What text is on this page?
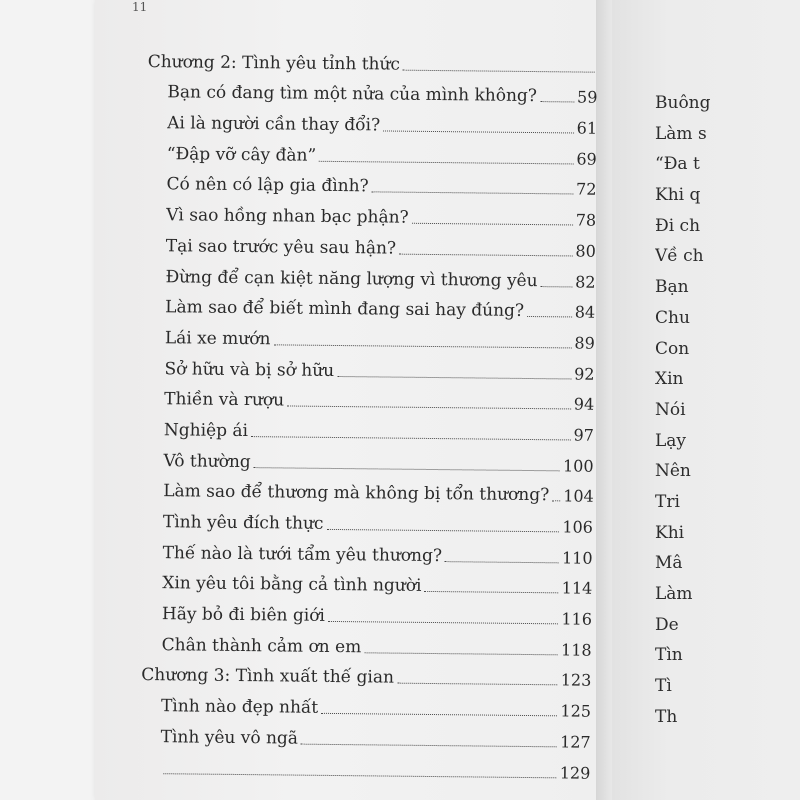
11
Chương 2: Tình yêu tỉnh thức
Bạn có đang tìm một nửa của mình không? 59
Ai là người cần thay đổi?	61
“Đập vỡ cây đàn”	69
Có nên có lập gia đình?	72
Vì sao hồng nhan bạc phận?	78
Tại sao trước yêu sau hận?	80
Đừng để cạn kiệt năng lượng vì thương yêu 82
Làm sao để biết mình đang sai hay đúng?	84
Lái xe mướn	89
Sở hữu và bị sở hữu	92
Thiền và rượu	94
Nghiệp ái	97
Vô thường	100
Làm sao để thương mà không bị tổn thương? 104
Tình yêu đích thực	106
Thế nào là tưới tẩm yêu thương?	110
Xin yêu tôi bằng cả tình người	114
Hãy bỏ đi biên giới	116
Chân thành cảm ơn em	118
Chương 3: Tình xuất thế gian	123
Tình nào đẹp nhất	125
Tình yêu vô ngã	127
129
Buông
Làm s
“Đa t
Khi q
Đi ch
Về ch
Bạn
Chu
Con
Xin
Nói
Lạy
Nên
Tri
Khi
Mâ
Làm
De
Tìn
Tì
Th
